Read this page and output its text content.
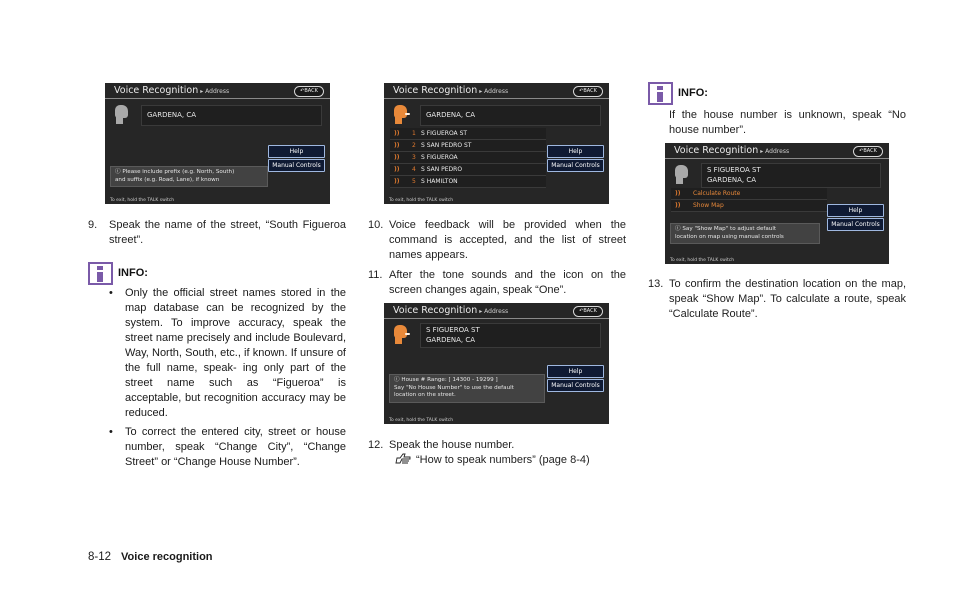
Voice Recognition ▸ Address	↶BACK
GARDENA, CA
Help
Manual Controls
ⓘ Please include prefix (e.g. North, South)
and suffix (e.g. Road, Lane), if known
To exit, hold the TALK switch
Voice Recognition ▸ Address	↶BACK
GARDENA, CA
)) 1 S FIGUEROA ST
)) 2 S SAN PEDRO ST
)) 3 S FIGUEROA
)) 4 S SAN PEDRO
)) 5 S HAMILTON
Help
Manual Controls
To exit, hold the TALK switch
Voice Recognition ▸ Address	↶BACK
S FIGUEROA ST
GARDENA, CA
Help
Manual Controls
ⓘ House # Range: [ 14300 - 19299 ]
Say "No House Number" to use the default
location on the street.
To exit, hold the TALK switch
Voice Recognition ▸ Address	↶BACK
S FIGUEROA ST
GARDENA, CA
)) Calculate Route
)) Show Map
Help
Manual Controls
ⓘ Say "Show Map" to adjust default
location on map using manual controls
To exit, hold the TALK switch
9. Speak the name of the street, “South Figueroa street”.
INFO:
• Only the official street names stored in the map database can be recognized by the system. To improve accuracy, speak the street name precisely and include Boulevard, Way, North, South, etc., if known. If unsure of the full name, speak- ing only part of the street name such as “Figueroa” is acceptable, but recognition accuracy may be reduced.
• To correct the entered city, street or house number, speak “Change City”, “Change Street” or “Change House Number”.
10. Voice feedback will be provided when the command is accepted, and the list of street names appears.
11. After the tone sounds and the icon on the screen changes again, speak “One”.
12. Speak the house number.
“How to speak numbers” (page 8-4)
INFO:
If the house number is unknown, speak “No house number”.
13. To confirm the destination location on the map, speak “Show Map”. To calculate a route, speak “Calculate Route”.
8-12 Voice recognition
